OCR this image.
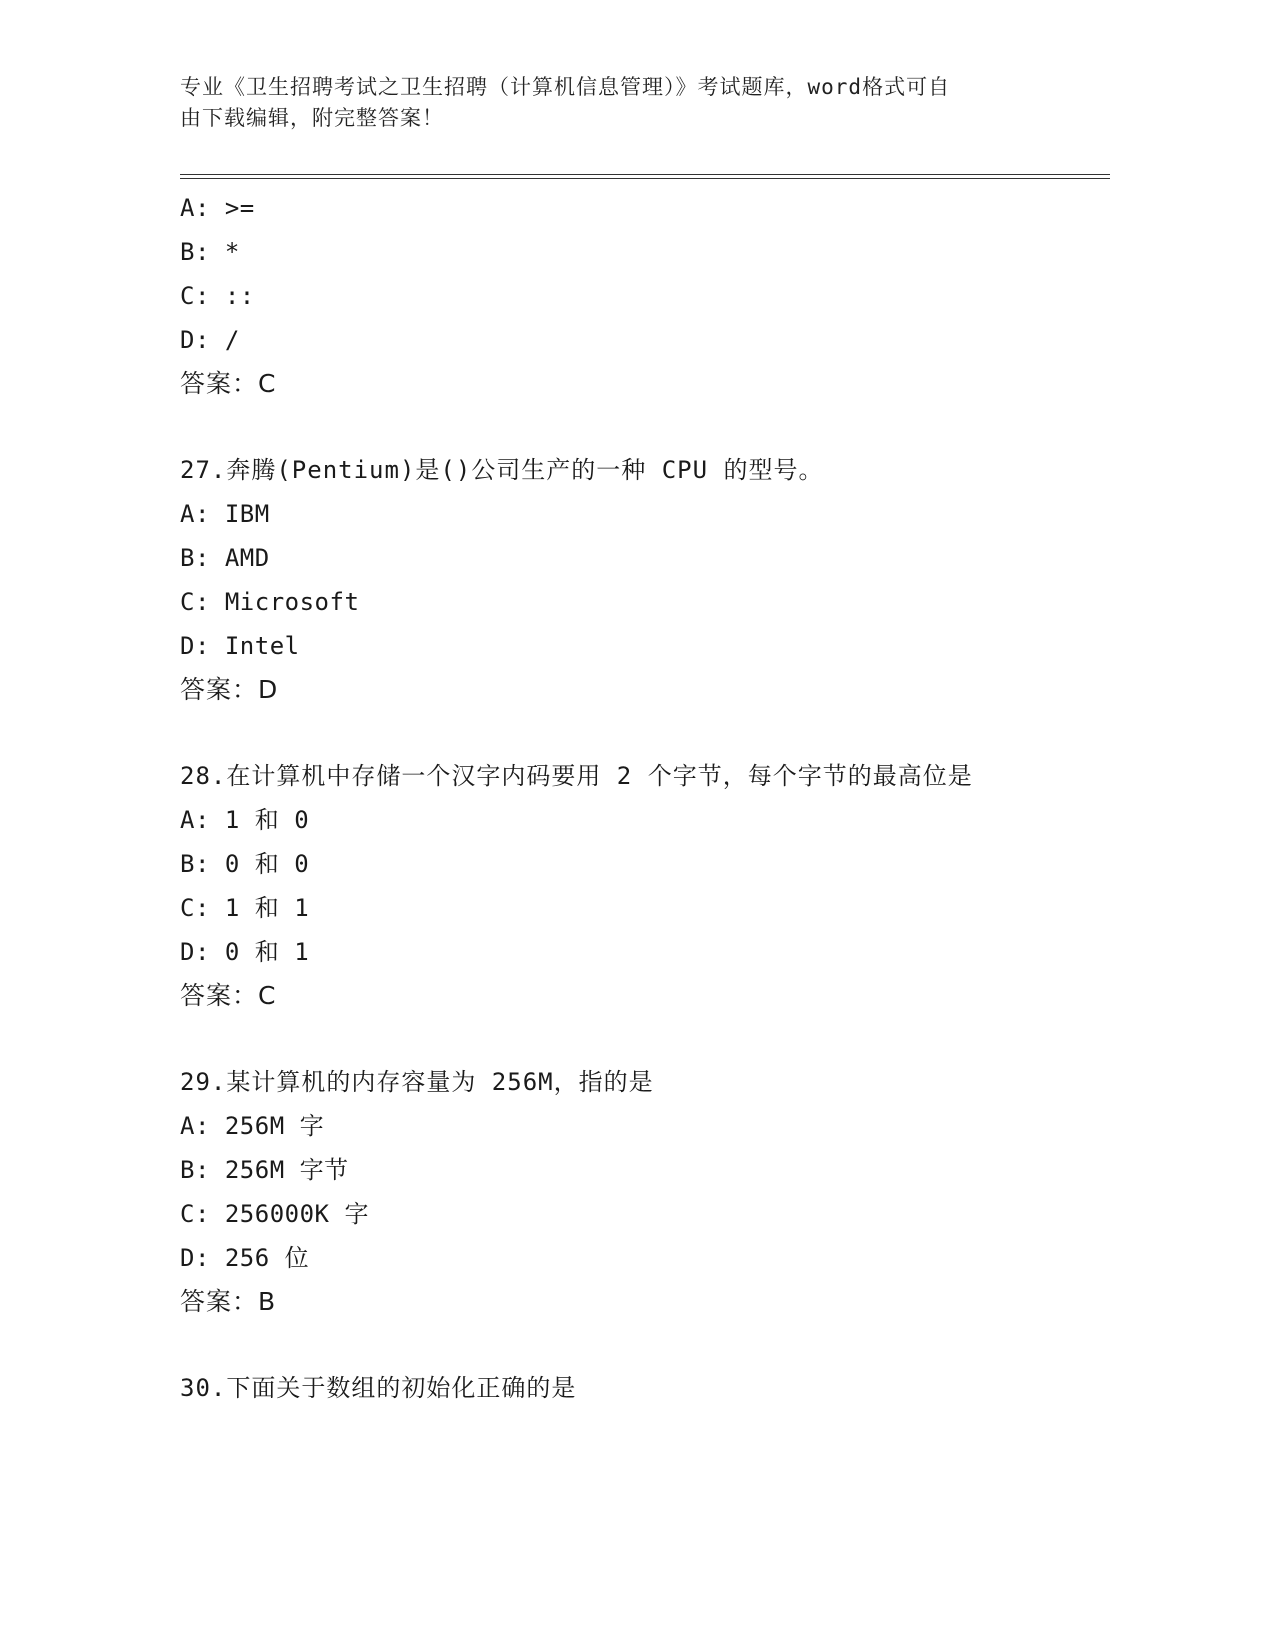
专业《卫生招聘考试之卫生招聘（计算机信息管理）》考试题库，word格式可自
由下载编辑，附完整答案！
A: >=
B: *
C: ::
D: /
答案：C
27.奔腾(Pentium)是()公司生产的一种 CPU 的型号。
A: IBM
B: AMD
C: Microsoft
D: Intel
答案：D
28.在计算机中存储一个汉字内码要用 2 个字节，每个字节的最高位是
A: 1 和 0
B: 0 和 0
C: 1 和 1
D: 0 和 1
答案：C
29.某计算机的内存容量为 256M，指的是
A: 256M 字
B: 256M 字节
C: 256000K 字
D: 256 位
答案：B
30.下面关于数组的初始化正确的是
